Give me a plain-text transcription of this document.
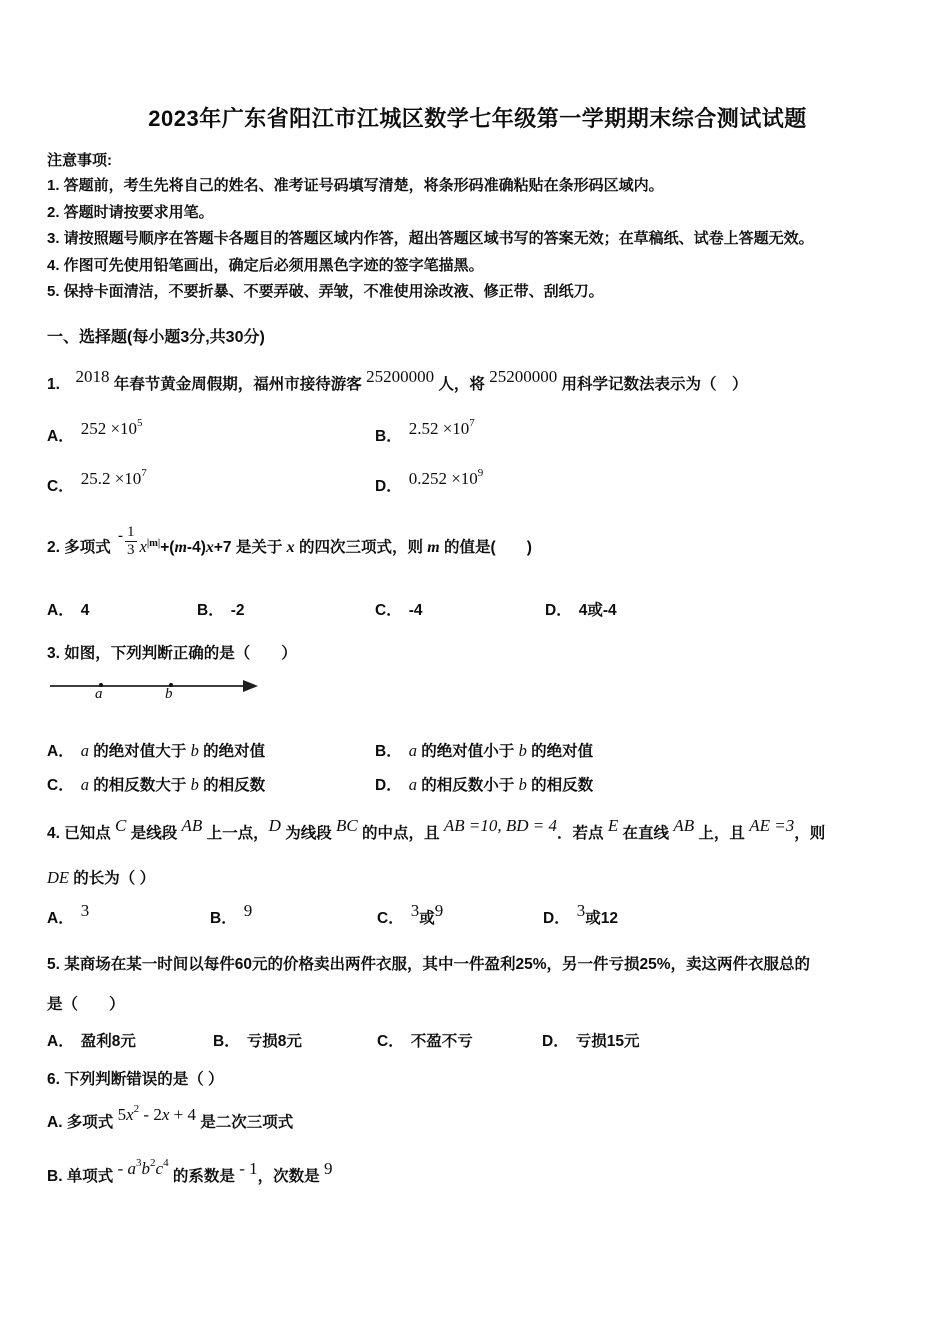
2023年广东省阳江市江城区数学七年级第一学期期末综合测试试题
注意事项:
1. 答题前，考生先将自己的姓名、准考证号码填写清楚，将条形码准确粘贴在条形码区域内。
2. 答题时请按要求用笔。
3. 请按照题号顺序在答题卡各题目的答题区域内作答，超出答题区域书写的答案无效；在草稿纸、试卷上答题无效。
4. 作图可先使用铅笔画出，确定后必须用黑色字迹的签字笔描黑。
5. 保持卡面清洁，不要折暴、不要弄破、弄皱，不准使用涂改液、修正带、刮纸刀。
一、选择题(每小题3分,共30分)
1.　2018 年春节黄金周假期，福州市接待游客 25200000 人，将 25200000 用科学记数法表示为（　）
A． $252 \times 10^5$
B． $2.52 \times 10^7$
C． $25.2 \times 10^7$
D． $0.252 \times 10^9$
2. 多项式
- $\frac{1}{3} x^{|m|}+(m-4)x+7$ 是关于 x 的四次三项式，则 m 的值是(　　)
A． 4	B． -2	C． -4	D． 4或-4
3. 如图，下列判断正确的是（　　）
a	b
A． a 的绝对值大于 b 的绝对值	B． a 的绝对值小于 b 的绝对值
C． a 的相反数大于 b 的相反数	D． a 的相反数小于 b 的相反数
4. 已知点 C 是线段 AB 上一点，D 为线段 BC 的中点，且 AB =10, BD = 4．若点 E 在直线 AB 上，且 AE =3，则
DE 的长为（ ）
A． 3	B． 9	C． 3或9	D． 3或12
5. 某商场在某一时间以每件60元的价格卖出两件衣服，其中一件盈利25%，另一件亏损25%，卖这两件衣服总的
是（　　）
A． 盈利8元	B． 亏损8元	C． 不盈不亏	D． 亏损15元
6. 下列判断错误的是（ ）
A. 多项式 $5x^2 - 2x + 4$ 是二次三项式
B. 单项式 - $a^3b^2c^4$ 的系数是 - 1，次数是 9
